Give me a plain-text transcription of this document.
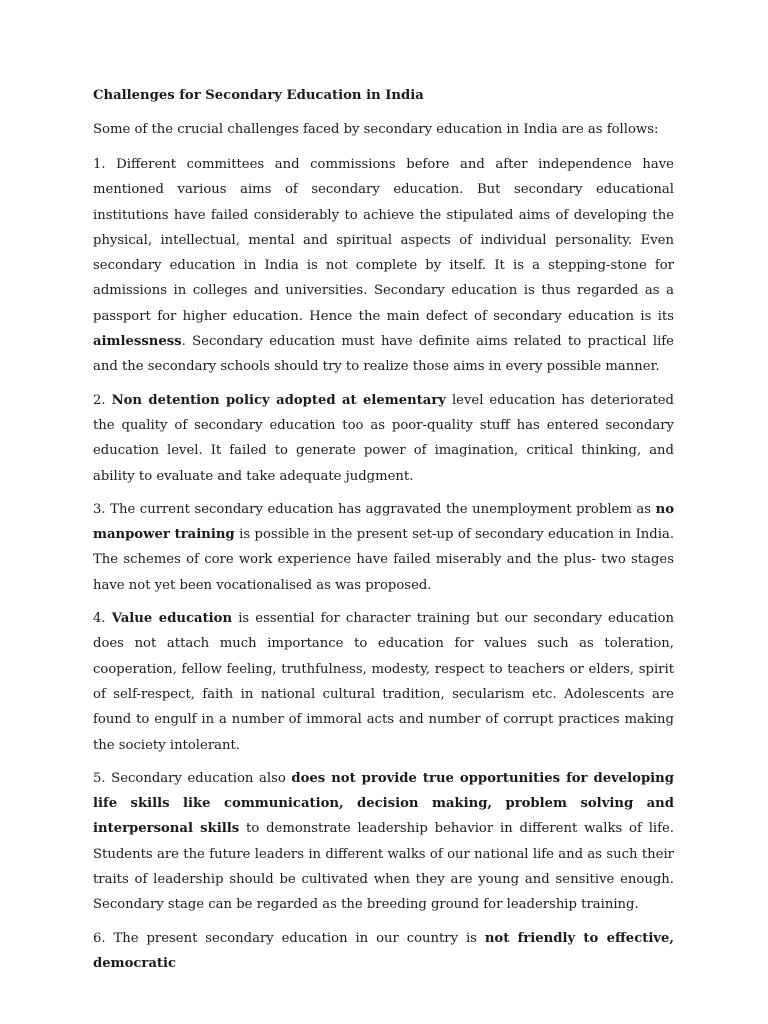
Challenges for Secondary Education in India
Some of the crucial challenges faced by secondary education in India are as follows:
1. Different committees and commissions before and after independence have mentioned various aims of secondary education. But secondary educational institutions have failed considerably to achieve the stipulated aims of developing the physical, intellectual, mental and spiritual aspects of individual personality. Even secondary education in India is not complete by itself. It is a stepping-stone for admissions in colleges and universities. Secondary education is thus regarded as a passport for higher education. Hence the main defect of secondary education is its aimlessness. Secondary education must have definite aims related to practical life and the secondary schools should try to realize those aims in every possible manner.
2. Non detention policy adopted at elementary level education has deteriorated the quality of secondary education too as poor-quality stuff has entered secondary education level. It failed to generate power of imagination, critical thinking, and ability to evaluate and take adequate judgment.
3. The current secondary education has aggravated the unemployment problem as no manpower training is possible in the present set-up of secondary education in India. The schemes of core work experience have failed miserably and the plus- two stages have not yet been vocationalised as was proposed.
4. Value education is essential for character training but our secondary education does not attach much importance to education for values such as toleration, cooperation, fellow feeling, truthfulness, modesty, respect to teachers or elders, spirit of self-respect, faith in national cultural tradition, secularism etc. Adolescents are found to engulf in a number of immoral acts and number of corrupt practices making the society intolerant.
5. Secondary education also does not provide true opportunities for developing life skills like communication, decision making, problem solving and interpersonal skills to demonstrate leadership behavior in different walks of life. Students are the future leaders in different walks of our national life and as such their traits of leadership should be cultivated when they are young and sensitive enough. Secondary stage can be regarded as the breeding ground for leadership training.
6. The present secondary education in our country is not friendly to effective, democratic
